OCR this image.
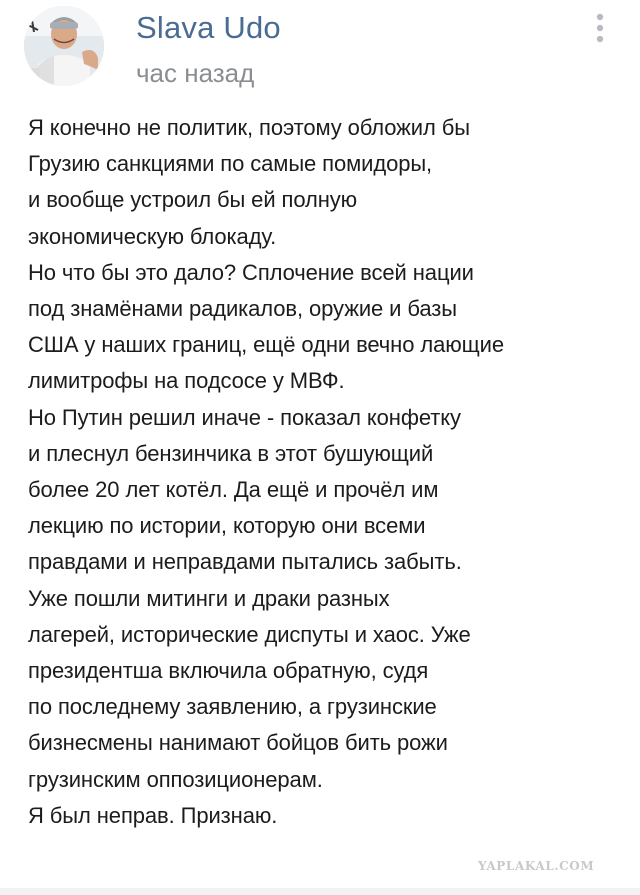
Slava Udo
час назад
Я конечно не политик, поэтому обложил бы
Грузию санкциями по самые помидоры,
и вообще устроил бы ей полную
экономическую блокаду.
Но что бы это дало? Сплочение всей нации
под знамёнами радикалов, оружие и базы
США у наших границ, ещё одни вечно лающие
лимитрофы на подсосе у МВФ.
Но Путин решил иначе - показал конфетку
и плеснул бензинчика в этот бушующий
более 20 лет котёл. Да ещё и прочёл им
лекцию по истории, которую они всеми
правдами и неправдами пытались забыть.
Уже пошли митинги и драки разных
лагерей, исторические диспуты и хаос. Уже
президентша включила обратную, судя
по последнему заявлению, а грузинские
бизнесмены нанимают бойцов бить рожи
грузинским оппозиционерам.
Я был неправ. Признаю.
YAPLAKAL.COM
